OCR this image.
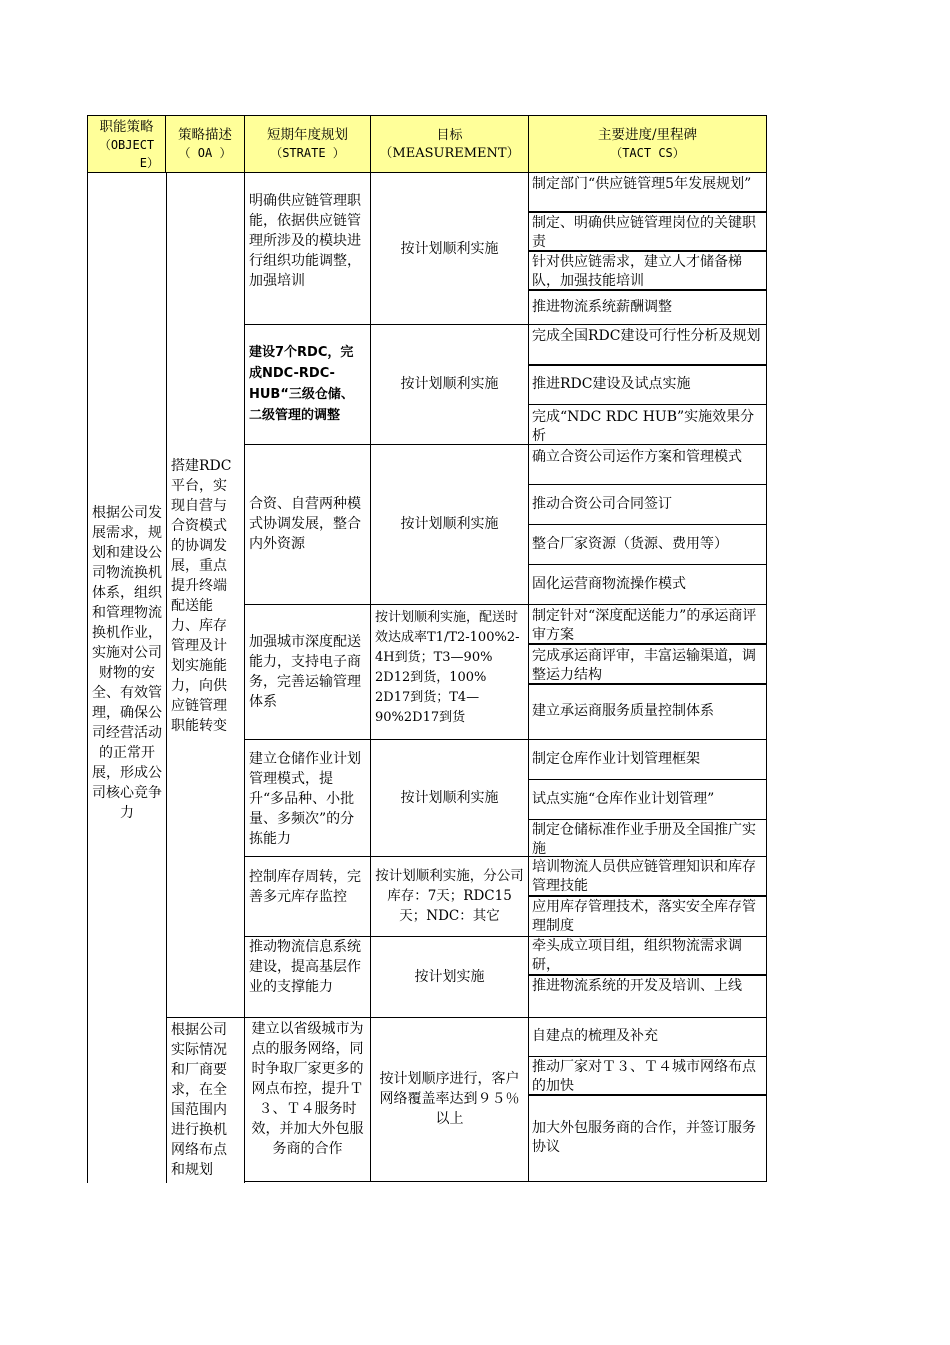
职能策略
（OBJECT
E）
策略描述
（ OA ）
短期年度规划
（STRATE ）
目标 （MEASUREMENT）
主要进度/里程碑
（TACT CS）
根据公司发展需求，规划和建设公司物流换机体系，组织和管理物流换机作业，实施对公司财物的安全、有效管理，确保公司经营活动的正常开展，形成公司核心竞争力
搭建RDC平台，实现自营与合资模式的协调发展，重点提升终端配送能力、库存管理及计划实施能力，向供应链管理职能转变
根据公司实际情况和厂商要求，在全国范围内进行换机网络布点和规划
明确供应链管理职能，依据供应链管理所涉及的模块进行组织功能调整，加强培训
建设7个RDC，完成NDC-RDC-HUB“三级仓储、二级管理的调整
合资、自营两种模式协调发展，整合内外资源
加强城市深度配送能力，支持电子商务，完善运输管理体系
建立仓储作业计划管理模式，提升“多品种、小批量、多频次”的分拣能力
控制库存周转，完善多元库存监控
推动物流信息系统建设，提高基层作业的支撑能力
建立以省级城市为点的服务网络，同时争取厂家更多的网点布控，提升Ｔ３、Ｔ４服务时效，并加大外包服务商的合作
按计划顺利实施
按计划顺利实施
按计划顺利实施
按计划顺利实施，配送时效达成率T1/T2-100%2-4H到货；T3—90%　2D12到货，100%　2D17到货；T4—90%2D17到货
按计划顺利实施
按计划顺利实施，分公司库存：7天；RDC15天；NDC：其它
按计划实施
按计划顺序进行，客户网络覆盖率达到９５％以上
制定部门“供应链管理5年发展规划”
制定、明确供应链管理岗位的关键职责
针对供应链需求，建立人才储备梯队，加强技能培训
推进物流系统薪酬调整
完成全国RDC建设可行性分析及规划
推进RDC建设及试点实施
完成“NDC RDC HUB”实施效果分析
确立合资公司运作方案和管理模式
推动合资公司合同签订
整合厂家资源（货源、费用等）
固化运营商物流操作模式
制定针对“深度配送能力”的承运商评审方案
完成承运商评审，丰富运输渠道，调整运力结构
建立承运商服务质量控制体系
制定仓库作业计划管理框架
试点实施“仓库作业计划管理”
制定仓储标准作业手册及全国推广实施
培训物流人员供应链管理知识和库存管理技能
应用库存管理技术，落实安全库存管理制度
牵头成立项目组，组织物流需求调研，
推进物流系统的开发及培训、上线
自建点的梳理及补充
推动厂家对Ｔ３、Ｔ４城市网络布点的加快
加大外包服务商的合作，并签订服务协议
